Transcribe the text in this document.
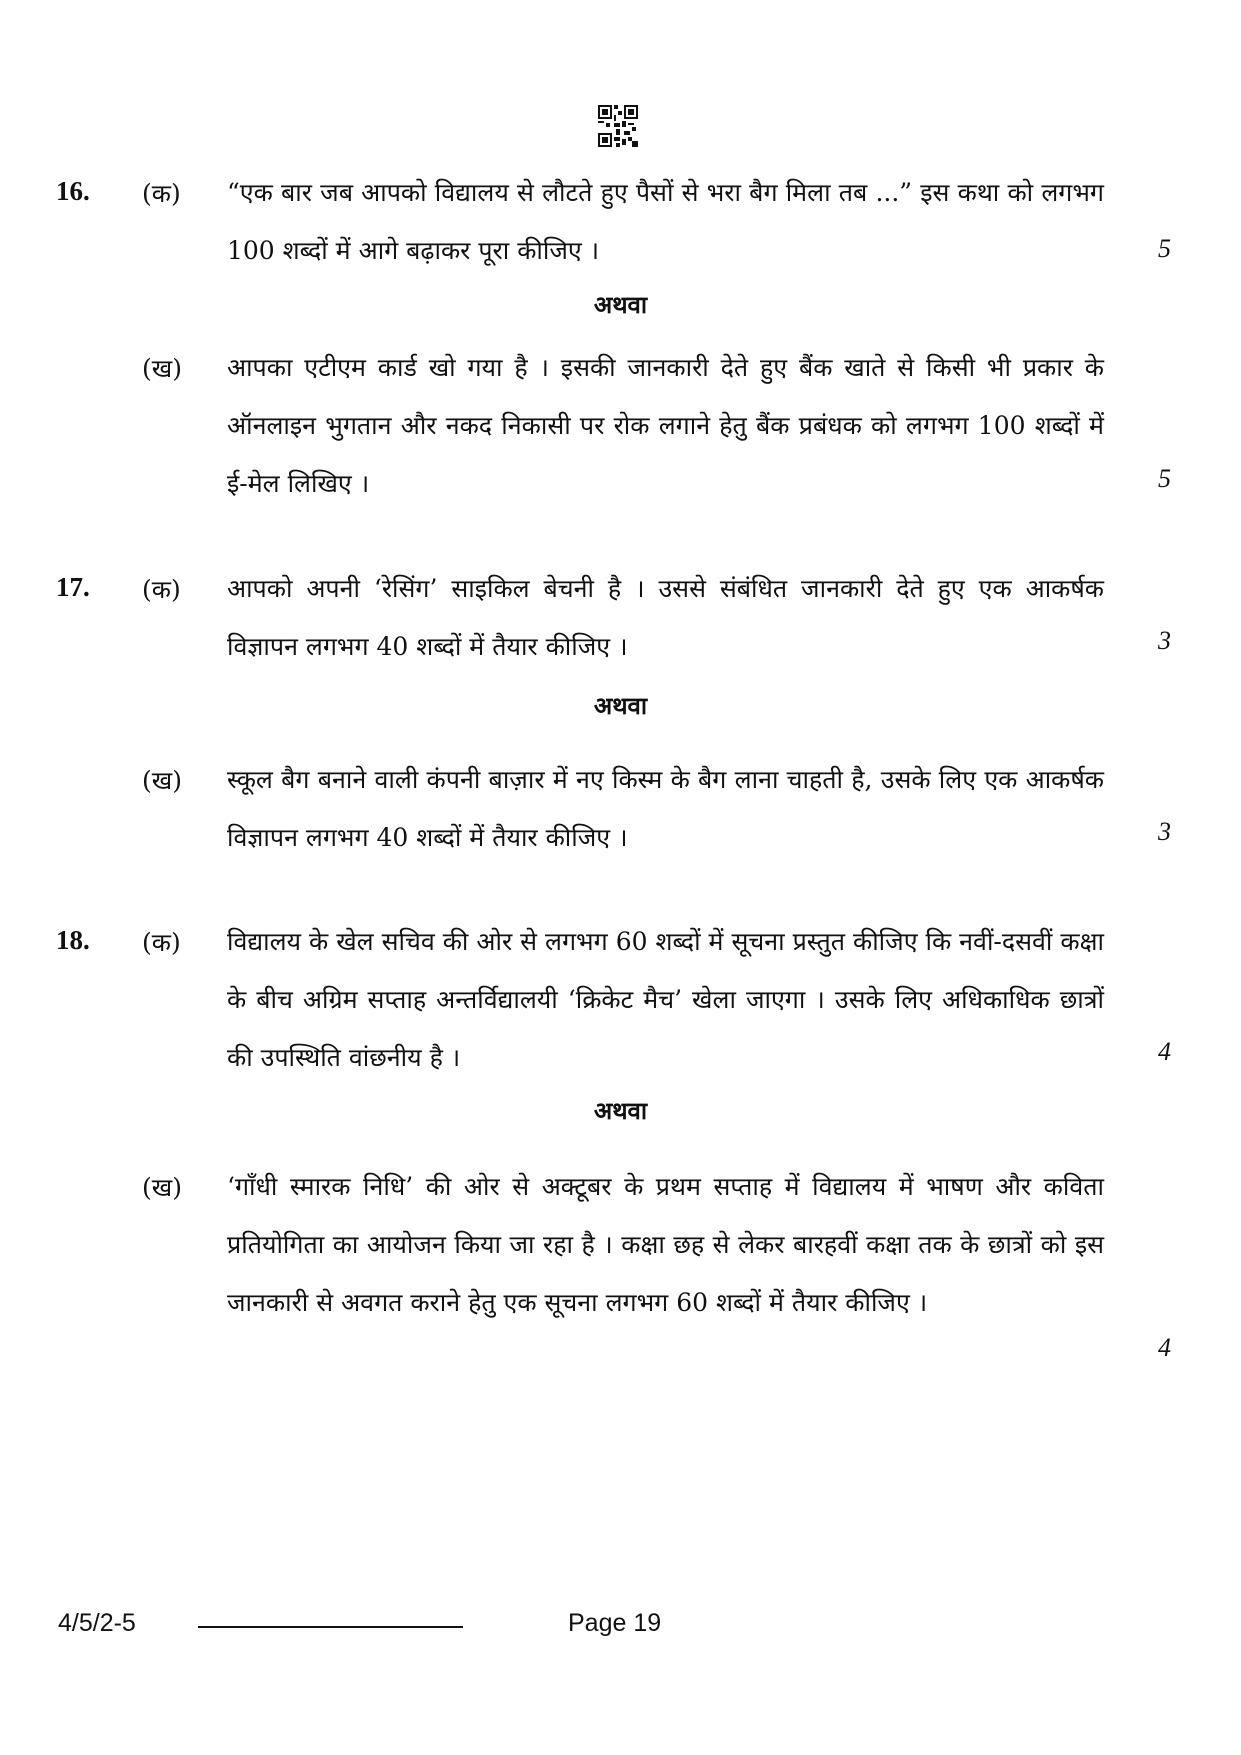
16. (क) “एक बार जब आपको विद्यालय से लौटते हुए पैसों से भरा बैग मिला तब ...” इस कथा को लगभग 100 शब्दों में आगे बढ़ाकर पूरा कीजिए ।	5
अथवा
(ख) आपका एटीएम कार्ड खो गया है । इसकी जानकारी देते हुए बैंक खाते से किसी भी प्रकार के ऑनलाइन भुगतान और नकद निकासी पर रोक लगाने हेतु बैंक प्रबंधक को लगभग 100 शब्दों में ई-मेल लिखिए ।	5
17. (क) आपको अपनी ‘रेसिंग’ साइकिल बेचनी है । उससे संबंधित जानकारी देते हुए एक आकर्षक विज्ञापन लगभग 40 शब्दों में तैयार कीजिए ।	3
अथवा
(ख) स्कूल बैग बनाने वाली कंपनी बाज़ार में नए किस्म के बैग लाना चाहती है, उसके लिए एक आकर्षक विज्ञापन लगभग 40 शब्दों में तैयार कीजिए ।	3
18. (क) विद्यालय के खेल सचिव की ओर से लगभग 60 शब्दों में सूचना प्रस्तुत कीजिए कि नवीं-दसवीं कक्षा के बीच अग्रिम सप्ताह अन्तर्विद्यालयी ‘क्रिकेट मैच’ खेला जाएगा । उसके लिए अधिकाधिक छात्रों की उपस्थिति वांछनीय है ।	4
अथवा
(ख) ‘गाँधी स्मारक निधि’ की ओर से अक्टूबर के प्रथम सप्ताह में विद्यालय में भाषण और कविता प्रतियोगिता का आयोजन किया जा रहा है । कक्षा छह से लेकर बारहवीं कक्षा तक के छात्रों को इस जानकारी से अवगत कराने हेतु एक सूचना लगभग 60 शब्दों में तैयार कीजिए ।

4
4/5/2-5	Page 19
